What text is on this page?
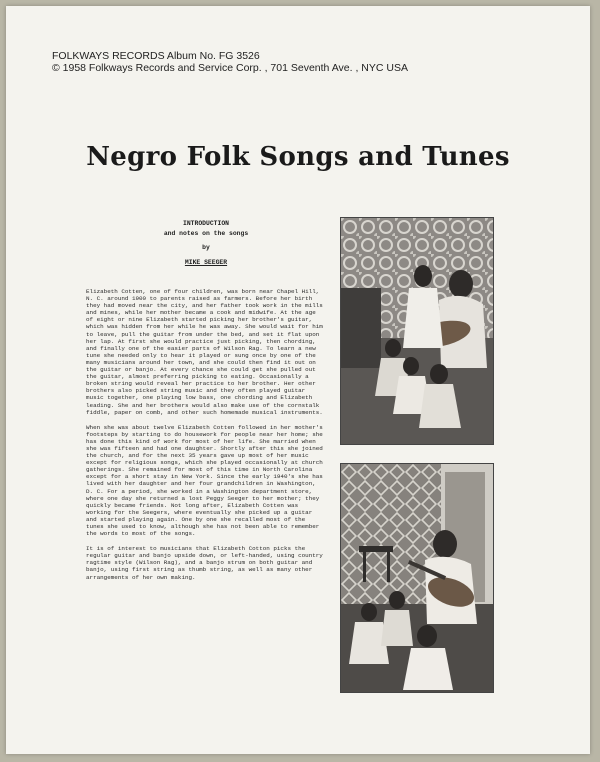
FOLKWAYS RECORDS Album No. FG 3526
© 1958 Folkways Records and Service Corp. , 701 Seventh Ave. , NYC USA
Negro Folk Songs and Tunes
INTRODUCTION
and notes on the songs
by
MIKE SEEGER

Elizabeth Cotten, one of four children, was born near Chapel Hill, N. C. around 1900 to parents raised as farmers. Before her birth they had moved near the city, and her father took work in the mills and mines, while her mother became a cook and midwife. At the age of eight or nine Elizabeth started picking her brother's guitar, which was hidden from her while he was away. She would wait for him to leave, pull the guitar from under the bed, and set it flat upon her lap. At first she would practice just picking, then chording, and finally one of the easier parts of Wilson Rag. To learn a new tune she needed only to hear it played or sung once by one of the many musicians around her town, and she could then find it out on the guitar or banjo. At every chance she could get she pulled out the guitar, almost preferring picking to eating. Occasionally a broken string would reveal her practice to her brother. Her other brothers also picked string music and they often played guitar music together, one playing low bass, one chording and Elizabeth leading. She and her brothers would also make use of the cornstalk fiddle, paper on comb, and other such homemade musical instruments.

When she was about twelve Elizabeth Cotten followed in her mother's footsteps by starting to do housework for people near her home; she has done this kind of work for most of her life. She married when she was fifteen and had one daughter. Shortly after this she joined the church, and for the next 35 years gave up most of her music except for religious songs, which she played occasionally at church gatherings. She remained for most of this time in North Carolina except for a short stay in New York. Since the early 1940's she has lived with her daughter and her four grandchildren in Washington, D. C. For a period, she worked in a Washington department store, where one day she returned a lost Peggy Seeger to her mother; they quickly became friends. Not long after, Elizabeth Cotten was working for the Seegers, where eventually she picked up a guitar and started playing again. One by one she recalled most of the tunes she used to know, although she has not been able to remember the words to most of the songs.

It is of interest to musicians that Elizabeth Cotton picks the regular guitar and banjo upside down, or left-handed, using country ragtime style (Wilson Rag), and a banjo strum on both guitar and banjo, using first string as thumb string, as well as many other arrangements of her own making.
